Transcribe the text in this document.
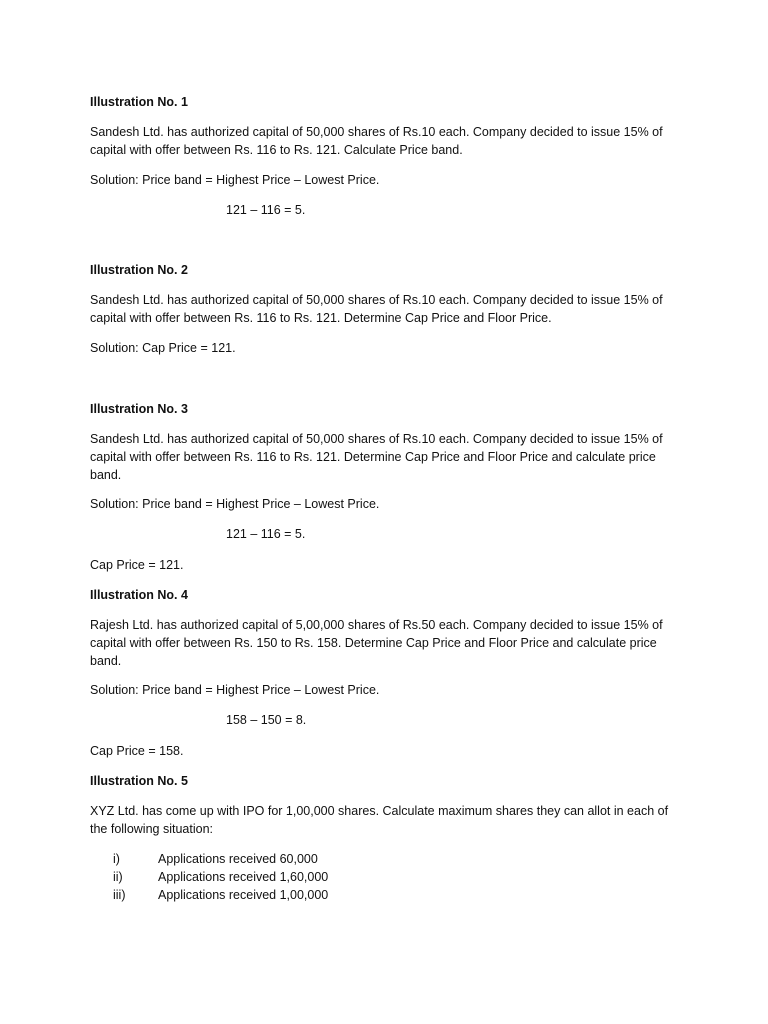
Illustration No. 1
Sandesh Ltd. has authorized capital of 50,000 shares of Rs.10 each. Company decided to issue 15% of capital with offer between Rs. 116 to Rs. 121. Calculate Price band.
Solution: Price band = Highest Price – Lowest Price.
121 – 116 = 5.
Illustration No. 2
Sandesh Ltd. has authorized capital of 50,000 shares of Rs.10 each. Company decided to issue 15% of capital with offer between Rs. 116 to Rs. 121. Determine Cap Price and Floor Price.
Solution: Cap Price = 121.
Illustration No. 3
Sandesh Ltd. has authorized capital of 50,000 shares of Rs.10 each. Company decided to issue 15% of capital with offer between Rs. 116 to Rs. 121. Determine Cap Price and Floor Price and calculate price band.
Solution: Price band = Highest Price – Lowest Price.
121 – 116 = 5.
Cap Price = 121.
Illustration No. 4
Rajesh Ltd. has authorized capital of 5,00,000 shares of Rs.50 each. Company decided to issue 15% of capital with offer between Rs. 150 to Rs. 158. Determine Cap Price and Floor Price and calculate price band.
Solution: Price band = Highest Price – Lowest Price.
158 – 150 = 8.
Cap Price = 158.
Illustration No. 5
XYZ Ltd. has come up with IPO for 1,00,000 shares. Calculate maximum shares they can allot in each of the following situation:
i)	Applications received 60,000
ii)	Applications received 1,60,000
iii)	Applications received 1,00,000
